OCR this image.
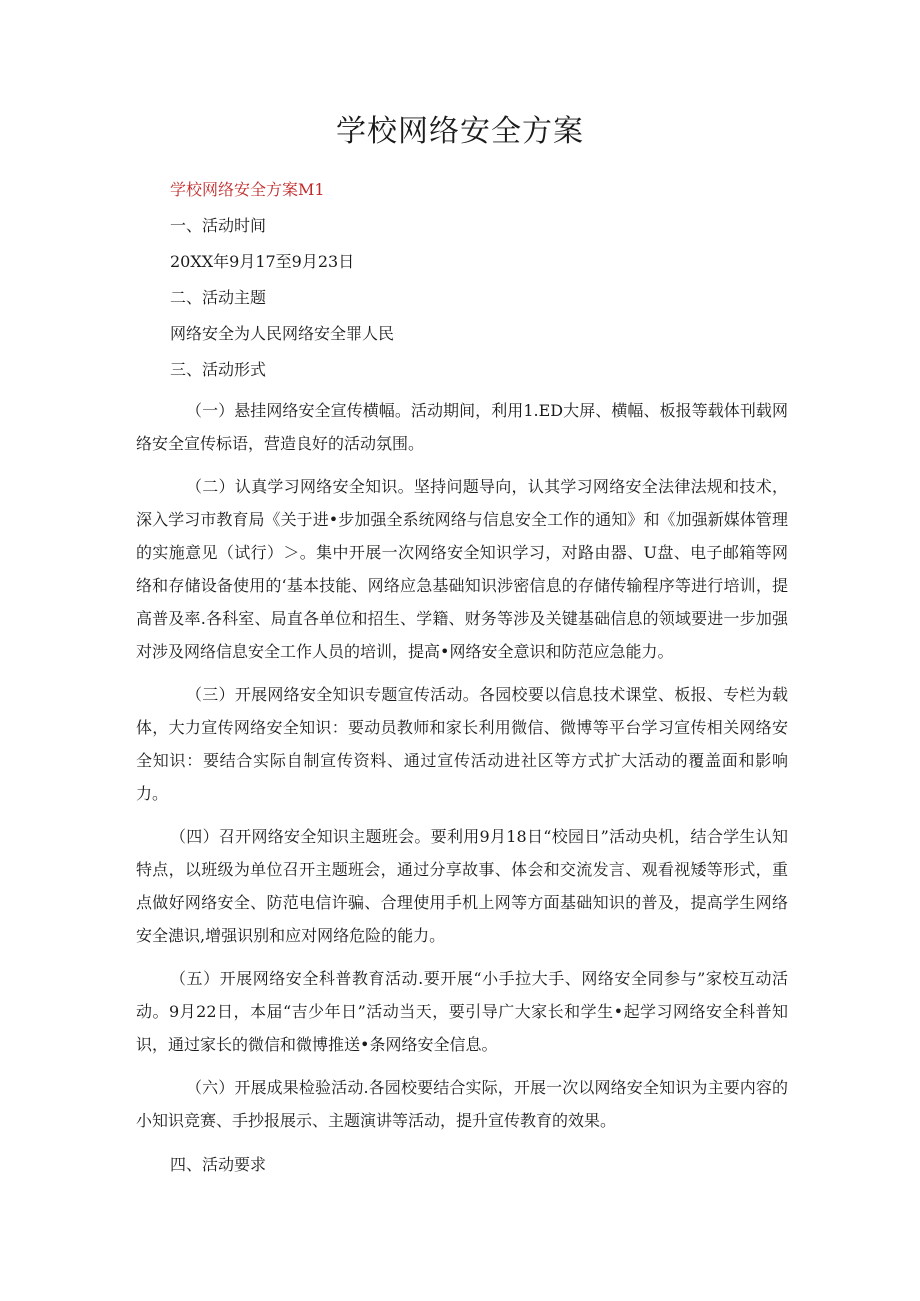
学校网络安全方案

学校网络安全方案M1

一、活动时间

20XX年9月17至9月23日

二、活动主题

网络安全为人民网络安全罪人民

三、活动形式

（一）悬挂网络安全宣传横幅。活动期间，利用1.ED大屏、横幅、板报等载体刊载网络安全宣传标语，营造良好的活动氛围。

（二）认真学习网络安全知识。坚持问题导向，认其学习网络安全法律法规和技术，深入学习市教育局《关于进•步加强全系统网络与信息安全工作的通知》和《加强新媒体管理的实施意见（试行）＞。集中开展一次网络安全知识学习，对路由器、U盘、电子邮箱等网络和存储设备使用的‘基本技能、网络应急基础知识涉密信息的存储传输程序等进行培训，提高普及率.各科室、局直各单位和招生、学籍、财务等涉及关键基础信息的领域要进一步加强对涉及网络信息安全工作人员的培训，提高•网络安全意识和防范应急能力。

（三）开展网络安全知识专题宣传活动。各园校要以信息技术课堂、板报、专栏为载体，大力宣传网络安全知识：要动员教师和家长利用微信、微博等平台学习宣传相关网络安全知识：要结合实际自制宣传资料、通过宣传活动进社区等方式扩大活动的覆盖面和影响力。

（四）召开网络安全知识主题班会。要利用9月18日“校园日”活动央机，结合学生认知特点，以班级为单位召开主题班会，通过分享故事、体会和交流发言、观看视矮等形式，重点做好网络安全、防范电信许骗、合理使用手机上网等方面基础知识的普及，提高学生网络安全漶识,增强识别和应对网络危险的能力。

（五）开展网络安全科普教育活动.要开展“小手拉大手、网络安全同参与”家校互动活动。9月22日，本届“吉少年日”活动当天，要引导广大家长和学生•起学习网络安全科普知识，通过家长的微信和微博推送•条网络安全信息。

（六）开展成果检验活动.各园校要结合实际，开展一次以网络安全知识为主要内容的小知识竞赛、手抄报展示、主题演讲等活动，提升宣传教育的效果。

四、活动要求
